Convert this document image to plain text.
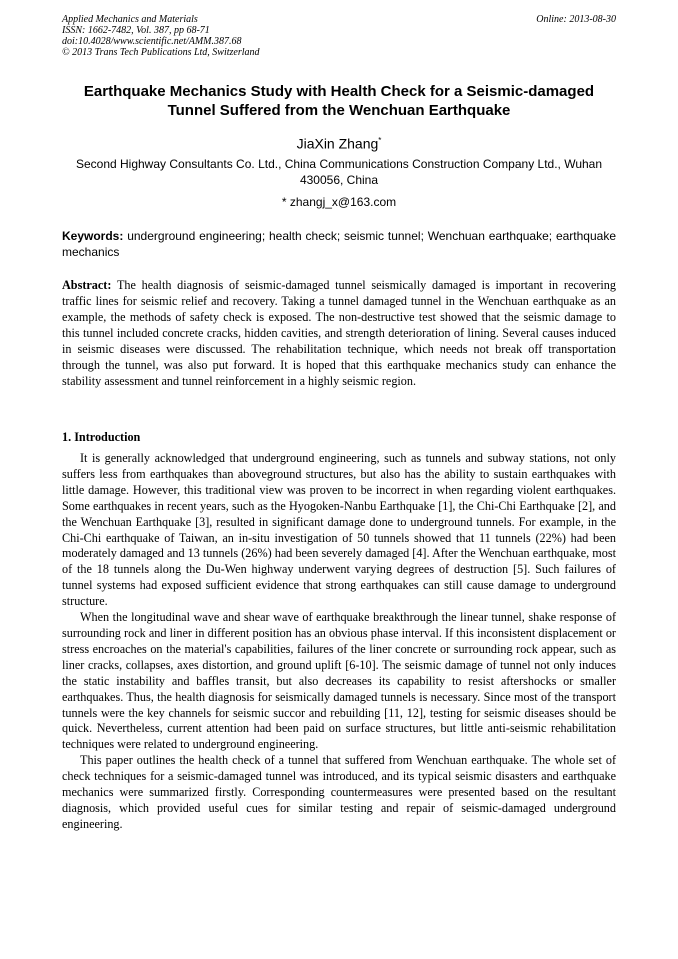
Applied Mechanics and Materials
ISSN: 1662-7482, Vol. 387, pp 68-71
doi:10.4028/www.scientific.net/AMM.387.68
© 2013 Trans Tech Publications Ltd, Switzerland
Online: 2013-08-30
Earthquake Mechanics Study with Health Check for a Seismic-damaged
Tunnel Suffered from the Wenchuan Earthquake
JiaXin Zhang*
Second Highway Consultants Co. Ltd., China Communications Construction Company Ltd., Wuhan
430056, China
* zhangj_x@163.com
Keywords: underground engineering; health check; seismic tunnel; Wenchuan earthquake; earthquake mechanics
Abstract: The health diagnosis of seismic-damaged tunnel seismically damaged is important in recovering traffic lines for seismic relief and recovery. Taking a tunnel damaged tunnel in the Wenchuan earthquake as an example, the methods of safety check is exposed. The non-destructive test showed that the seismic damage to this tunnel included concrete cracks, hidden cavities, and strength deterioration of lining. Several causes induced in seismic diseases were discussed. The rehabilitation technique, which needs not break off transportation through the tunnel, was also put forward. It is hoped that this earthquake mechanics study can enhance the stability assessment and tunnel reinforcement in a highly seismic region.
1. Introduction

It is generally acknowledged that underground engineering, such as tunnels and subway stations, not only suffers less from earthquakes than aboveground structures, but also has the ability to sustain earthquakes with little damage. However, this traditional view was proven to be incorrect in when regarding violent earthquakes. Some earthquakes in recent years, such as the Hyogoken-Nanbu Earthquake [1], the Chi-Chi Earthquake [2], and the Wenchuan Earthquake [3], resulted in significant damage done to underground tunnels. For example, in the Chi-Chi earthquake of Taiwan, an in-situ investigation of 50 tunnels showed that 11 tunnels (22%) had been moderately damaged and 13 tunnels (26%) had been severely damaged [4]. After the Wenchuan earthquake, most of the 18 tunnels along the Du-Wen highway underwent varying degrees of destruction [5]. Such failures of tunnel systems had exposed sufficient evidence that strong earthquakes can still cause damage to underground structure.

When the longitudinal wave and shear wave of earthquake breakthrough the linear tunnel, shake response of surrounding rock and liner in different position has an obvious phase interval. If this inconsistent displacement or stress encroaches on the material's capabilities, failures of the liner concrete or surrounding rock appear, such as liner cracks, collapses, axes distortion, and ground uplift [6-10]. The seismic damage of tunnel not only induces the static instability and baffles transit, but also decreases its capability to resist aftershocks or smaller earthquakes. Thus, the health diagnosis for seismically damaged tunnels is necessary. Since most of the transport tunnels were the key channels for seismic succor and rebuilding [11, 12], testing for seismic diseases should be quick. Nevertheless, current attention had been paid on surface structures, but little anti-seismic rehabilitation techniques were related to underground engineering.

This paper outlines the health check of a tunnel that suffered from Wenchuan earthquake. The whole set of check techniques for a seismic-damaged tunnel was introduced, and its typical seismic disasters and earthquake mechanics were summarized firstly. Corresponding countermeasures were presented based on the resultant diagnosis, which provided useful cues for similar testing and repair of seismic-damaged underground engineering.
